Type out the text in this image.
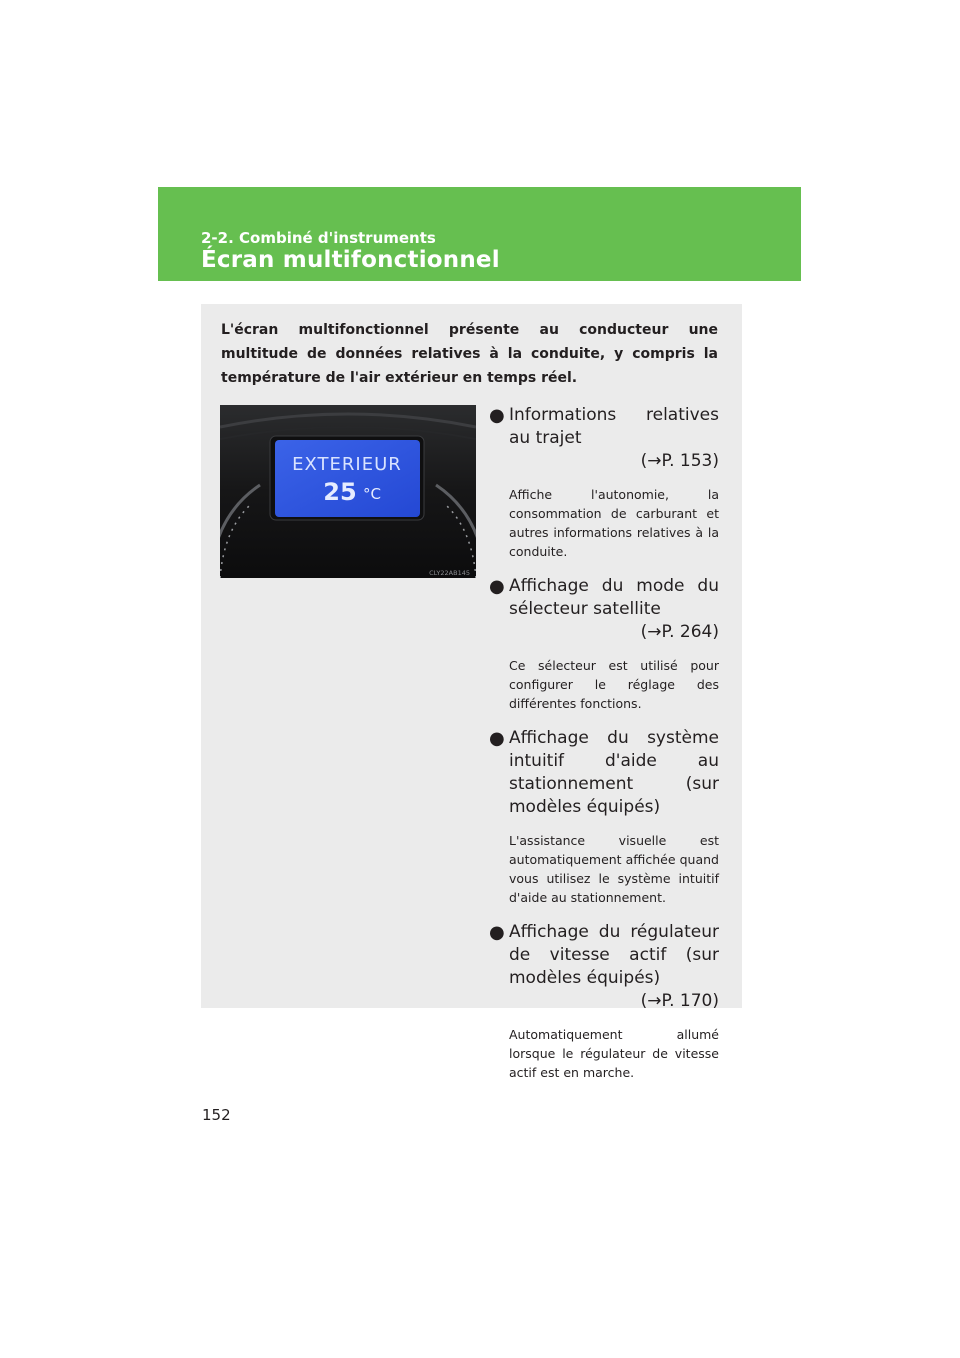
2-2. Combiné d'instruments
Écran multifonctionnel

L'écran multifonctionnel présente au conducteur une multitude de données relatives à la conduite, y compris la température de l'air extérieur en temps réel.

EXTERIEUR
25 °C
CLY22AB145
● Informations relatives au trajet
(→P. 153)

Affiche l'autonomie, la consommation de carburant et autres informations relatives à la conduite.

● Affichage du mode du sélecteur satellite
(→P. 264)

Ce sélecteur est utilisé pour configurer le réglage des différentes fonctions.

● Affichage du système intuitif d'aide au stationnement (sur modèles équipés)

L'assistance visuelle est automatiquement affichée quand vous utilisez le système intuitif d'aide au stationnement.

● Affichage du régulateur de vitesse actif (sur modèles équipés)
(→P. 170)

Automatiquement allumé lorsque le régulateur de vitesse actif est en marche.

152
